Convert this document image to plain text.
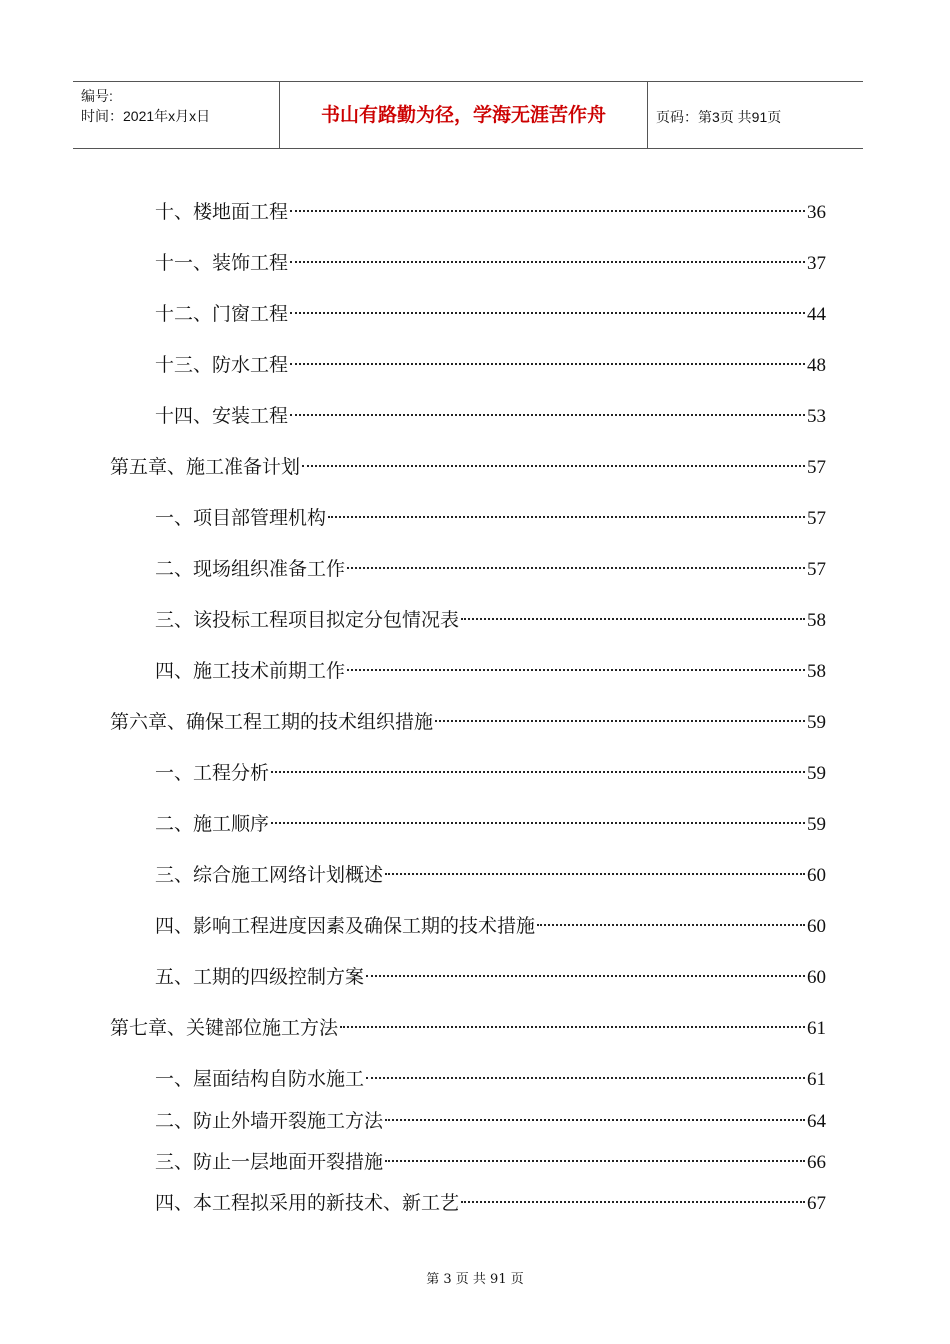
编号:
时间：2021年x月x日	书山有路勤为径，学海无涯苦作舟	页码：第3页 共91页
十、楼地面工程	36
十一、装饰工程	37
十二、门窗工程	44
十三、防水工程	48
十四、安装工程	53
第五章、施工准备计划	57
一、项目部管理机构	57
二、现场组织准备工作	57
三、该投标工程项目拟定分包情况表	58
四、施工技术前期工作	58
第六章、确保工程工期的技术组织措施	59
一、工程分析	59
二、施工顺序	59
三、综合施工网络计划概述	60
四、影响工程进度因素及确保工期的技术措施	60
五、工期的四级控制方案	60
第七章、关键部位施工方法	61
一、屋面结构自防水施工	61
二、防止外墙开裂施工方法	64
三、防止一层地面开裂措施	66
四、本工程拟采用的新技术、新工艺	67
第 3 页 共 91 页
